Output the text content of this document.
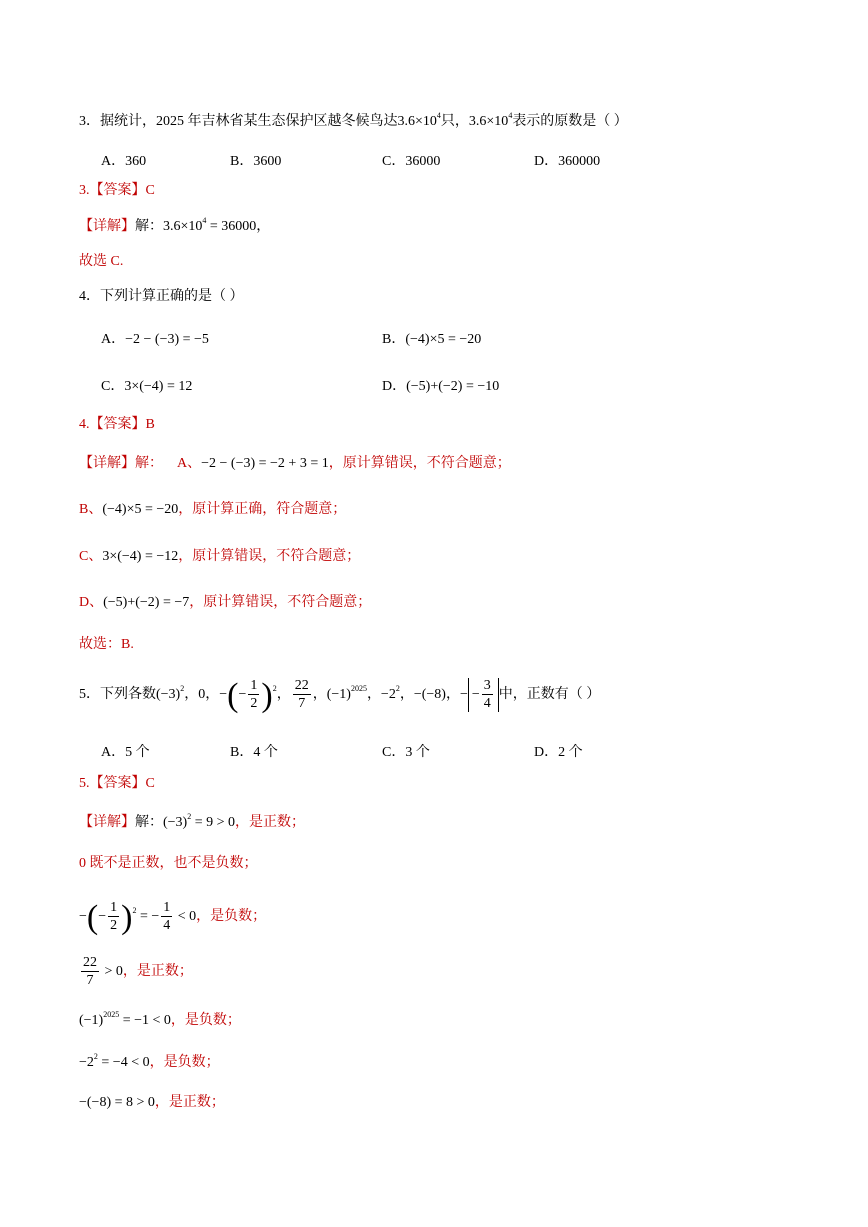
3．据统计，2025 年吉林省某生态保护区越冬候鸟达$3.6\times 10^4$只，$3.6\times 10^4$表示的原数是（ ）
A．360	B．3600	C．36000	D．360000
3.【答案】C
【详解】解：$3.6\times 10^4 = 36000$，
故选 C.
4．下列计算正确的是（ ）
A．−2 − (−3) = −5	B．(−4)×5 = −20
C．3×(−4) = 12	D．(−5)+(−2) = −10
4.【答案】B
【详解】解： A、−2 − (−3) = −2 + 3 = 1，原计算错误，不符合题意；
B、(−4)×5 = −20，原计算正确，符合题意；
C、3×(−4) = −12，原计算错误，不符合题意；
D、(−5)+(−2) = −7，原计算错误，不符合题意；
故选：B.
5．下列各数$(-3)^2$，0，−(− $\frac{1}{2} )^2$， $\frac{22}{7}$ ，$(-1)^{2025}$，$-2^2$，−(−8)，− − $\frac{3}{4}$ 中，正数有（ ）
A．5 个	B．4 个	C．3 个	D．2 个
5.【答案】C
【详解】解：$(-3)^2 = 9 > 0$，是正数；
0 既不是正数，也不是负数；
−(− $\frac{1}{2} )^2$ = − $\frac{1}{4} < 0$，是负数；
$\frac{22}{7} > 0$，是正数；
$(-1)^{2025} = -1 < 0$，是负数；
$-2^2 = -4 < 0$，是负数；
−(−8) = 8 > 0，是正数；
